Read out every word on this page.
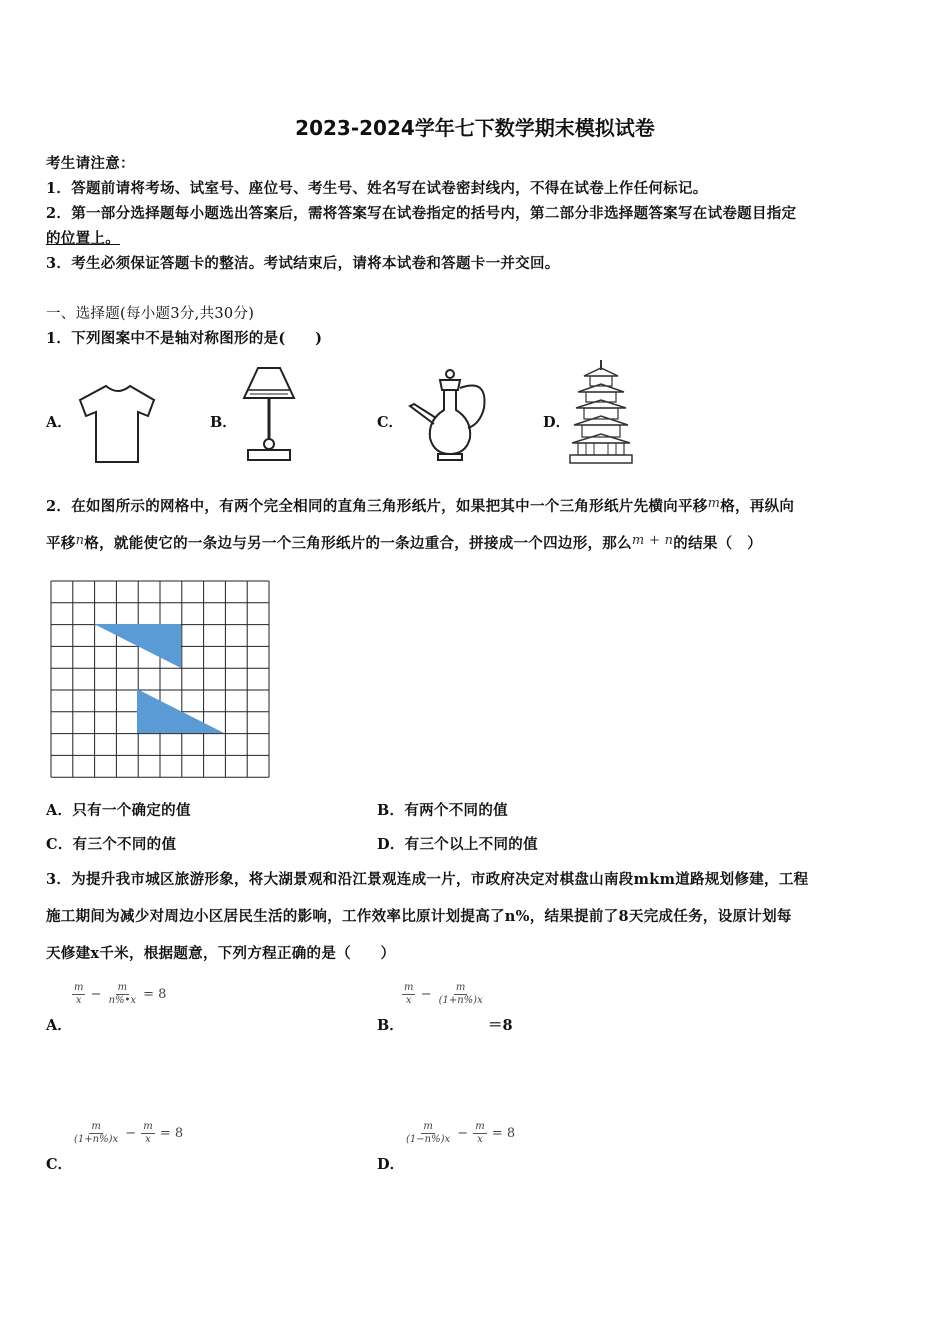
2023-2024学年七下数学期末模拟试卷
考生请注意：
1．答题前请将考场、试室号、座位号、考生号、姓名写在试卷密封线内，不得在试卷上作任何标记。
2．第一部分选择题每小题选出答案后，需将答案写在试卷指定的括号内，第二部分非选择题答案写在试卷题目指定
的位置上。
3．考生必须保证答题卡的整洁。考试结束后，请将本试卷和答题卡一并交回。
一、选择题(每小题3分,共30分)
1．下列图案中不是轴对称图形的是(　　)
A．	B．	C．	D．
2．在如图所示的网格中，有两个完全相同的直角三角形纸片，如果把其中一个三角形纸片先横向平移m格，再纵向
平移n格，就能使它的一条边与另一个三角形纸片的一条边重合，拼接成一个四边形，那么m + n的结果（　）
A．只有一个确定的值	B．有两个不同的值
C．有三个不同的值	D．有三个以上不同的值
3．为提升我市城区旅游形象，将大湖景观和沿江景观连成一片，市政府决定对棋盘山南段mkm道路规划修建，工程
施工期间为减少对周边小区居民生活的影响，工作效率比原计划提高了n%，结果提前了8天完成任务，设原计划每
天修建x千米，根据题意，下列方程正确的是（　　）
$\frac{m}{x} - \frac{m}{n\%•x} = 8$
A．
$\frac{m}{x} - \frac{m}{(1+n\%)x}$
B．	＝8
$\frac{m}{(1+n\%)x} - \frac{m}{x} = 8$
C．
$\frac{m}{(1-n\%)x} - \frac{m}{x} = 8$
D．
